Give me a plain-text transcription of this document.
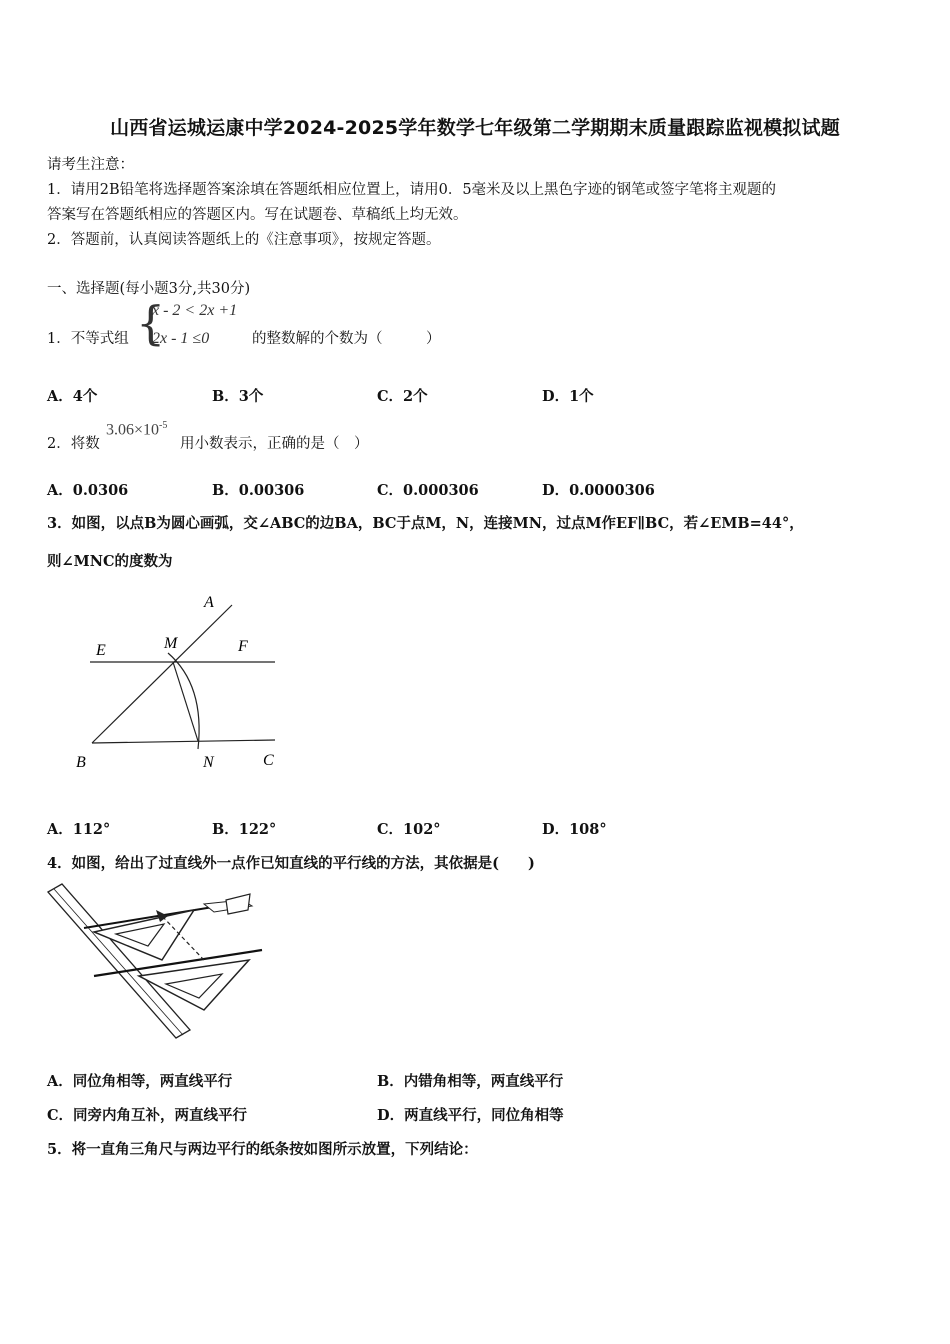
山西省运城运康中学2024-2025学年数学七年级第二学期期末质量跟踪监视模拟试题
请考生注意：
1．请用2B铅笔将选择题答案涂填在答题纸相应位置上，请用0．5毫米及以上黑色字迹的钢笔或签字笔将主观题的
答案写在答题纸相应的答题区内。写在试题卷、草稿纸上均无效。
2．答题前，认真阅读答题纸上的《注意事项》，按规定答题。
一、选择题(每小题3分,共30分)
1．不等式组 {
x - 2 < 2x +1
2x - 1 ≤0	的整数解的个数为（　　　）
A．4个	B．3个	C．2个	D．1个
2．将数
$3.06\times 10^{-5}$
用小数表示，正确的是（　）
A．0.0306	B．0.00306	C．0.000306	D．0.0000306
3．如图，以点B为圆心画弧，交∠ABC的边BA，BC于点M，N，连接MN，过点M作EF∥BC，若∠EMB=44°，
则∠MNC的度数为
A
E	M	F
B	N	C
A．112°	B．122°	C．102°	D．108°
4．如图，给出了过直线外一点作已知直线的平行线的方法，其依据是(　　)
A．同位角相等，两直线平行	B．内错角相等，两直线平行
C．同旁内角互补，两直线平行	D．两直线平行，同位角相等
5．将一直角三角尺与两边平行的纸条按如图所示放置，下列结论：
